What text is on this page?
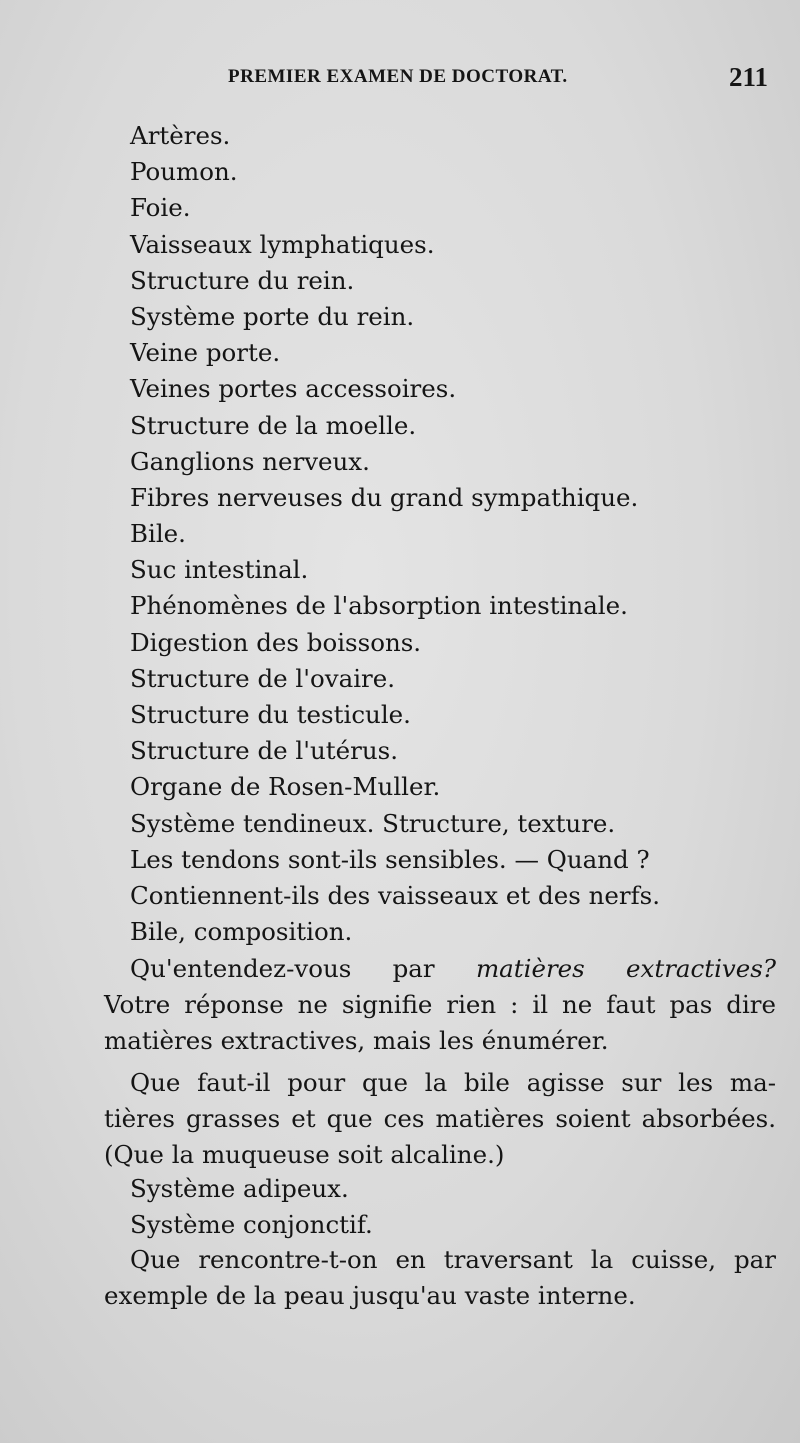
PREMIER EXAMEN DE DOCTORAT.	211
Artères.
Poumon.
Foie.
Vaisseaux lymphatiques.
Structure du rein.
Système porte du rein.
Veine porte.
Veines portes accessoires.
Structure de la moelle.
Ganglions nerveux.
Fibres nerveuses du grand sympathique.
Bile.
Suc intestinal.
Phénomènes de l'absorption intestinale.
Digestion des boissons.
Structure de l'ovaire.
Structure du testicule.
Structure de l'utérus.
Organe de Rosen-Muller.
Système tendineux. Structure, texture.
Les tendons sont-ils sensibles. — Quand ?
Contiennent-ils des vaisseaux et des nerfs.
Bile, composition.
Qu'entendez-vous par matières extractives?
Votre réponse ne signifie rien : il ne faut pas dire
matières extractives, mais les énumérer.
Que faut-il pour que la bile agisse sur les ma-
tières grasses et que ces matières soient absorbées.
(Que la muqueuse soit alcaline.)
Système adipeux.
Système conjonctif.
Que rencontre-t-on en traversant la cuisse, par
exemple de la peau jusqu'au vaste interne.
